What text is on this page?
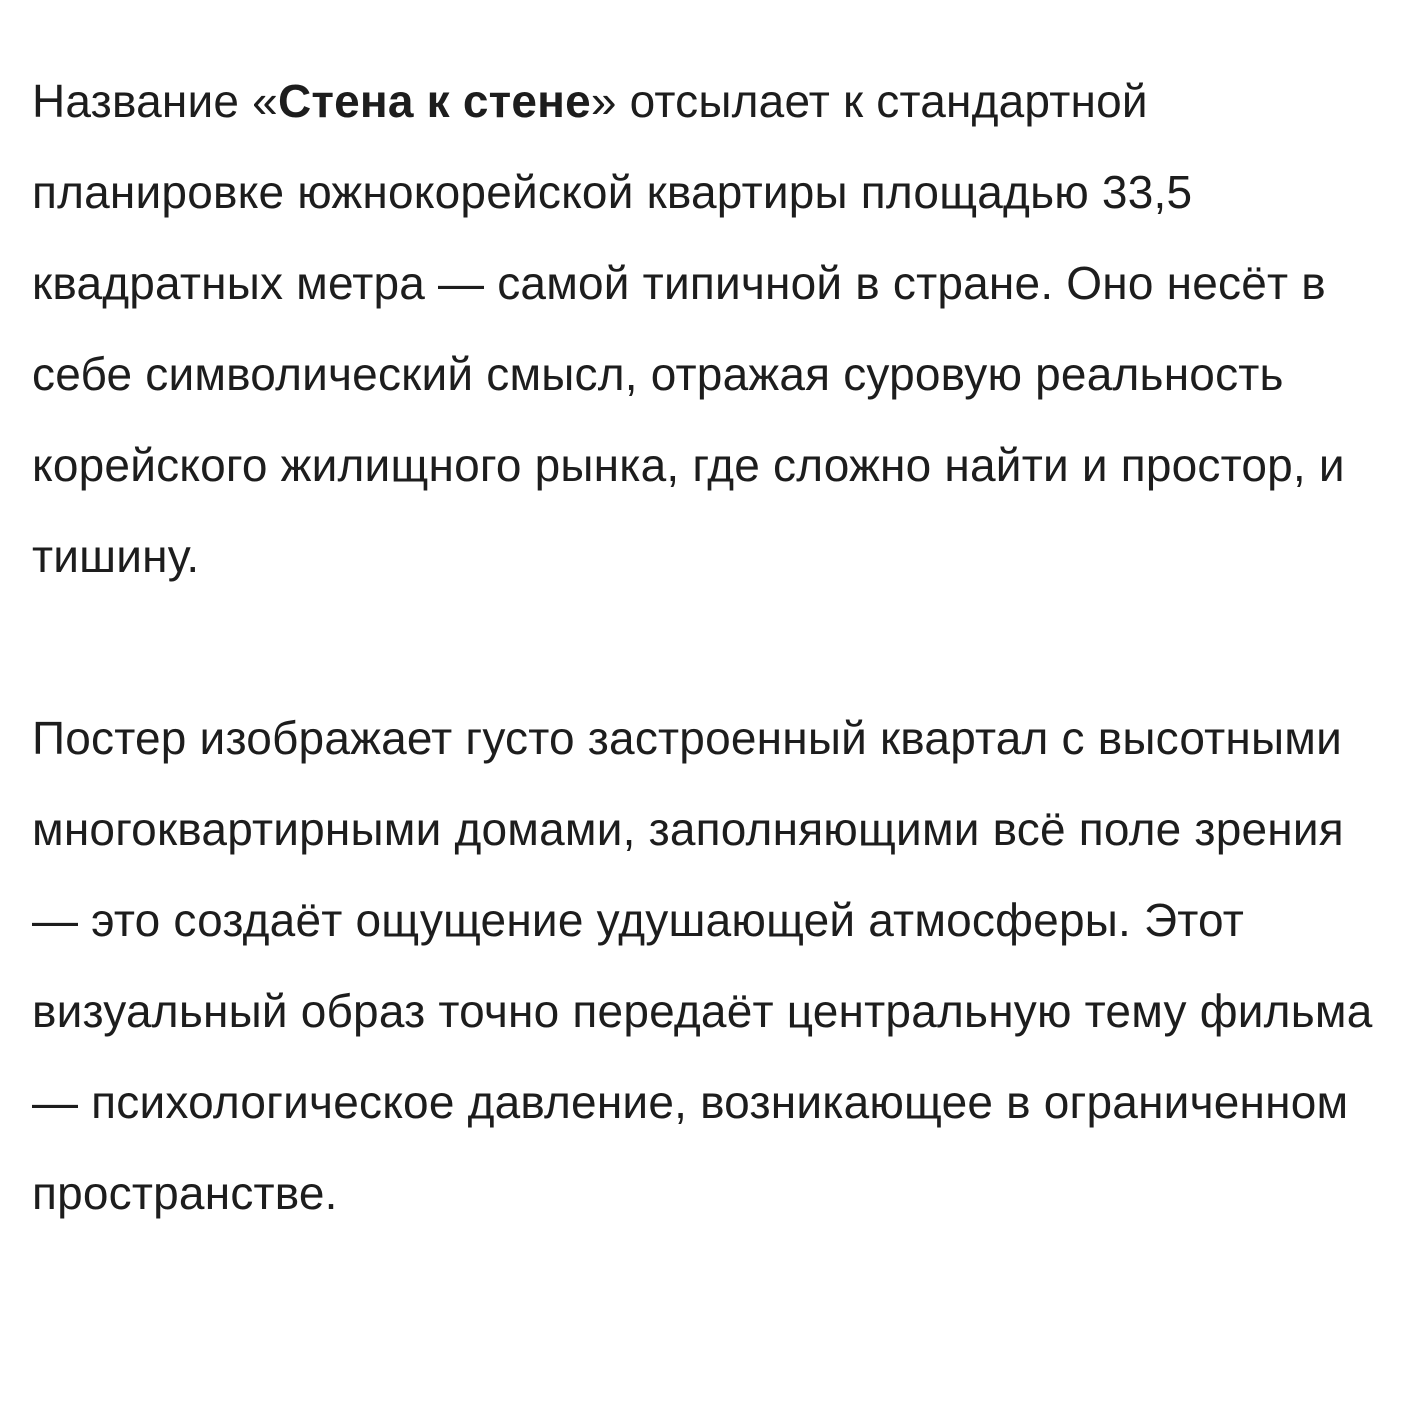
Название «Стена к стене» отсылает к стандартной планировке южнокорейской квартиры площадью 33,5 квадратных метра — самой типичной в стране. Оно несёт в себе символический смысл, отражая суровую реальность корейского жилищного рынка, где сложно найти и простор, и тишину.

Постер изображает густо застроенный квартал с высотными многоквартирными домами, заполняющими всё поле зрения — это создаёт ощущение удушающей атмосферы. Этот визуальный образ точно передаёт центральную тему фильма — психологическое давление, возникающее в ограниченном пространстве.
